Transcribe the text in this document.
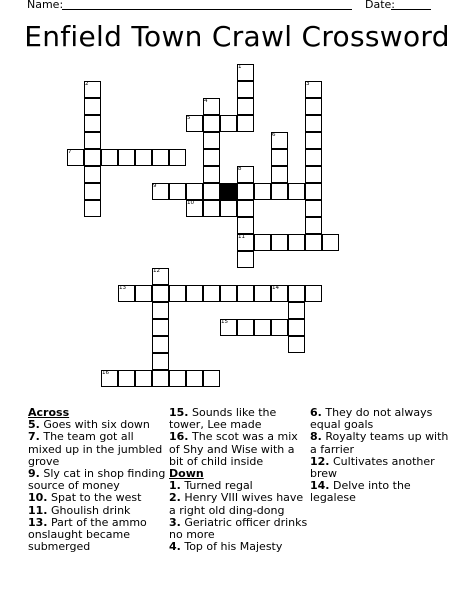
Name:	Date:
Enfield Town Crawl Crossword
1
2	3
4
5
6
7
8
9
10
11
12
13	14
15
16
Across
5. Goes with six down
7. The team got all mixed up in the jumbled grove
9. Sly cat in shop finding source of money
10. Spat to the west
11. Ghoulish drink
13. Part of the ammo onslaught became submerged
15. Sounds like the tower, Lee made
16. The scot was a mix of Shy and Wise with a bit of child inside
Down
1. Turned regal
2. Henry VIII wives have a right old ding-dong
3. Geriatric officer drinks no more
4. Top of his Majesty
6. They do not always equal goals
8. Royalty teams up with a farrier
12. Cultivates another brew
14. Delve into the legalese
